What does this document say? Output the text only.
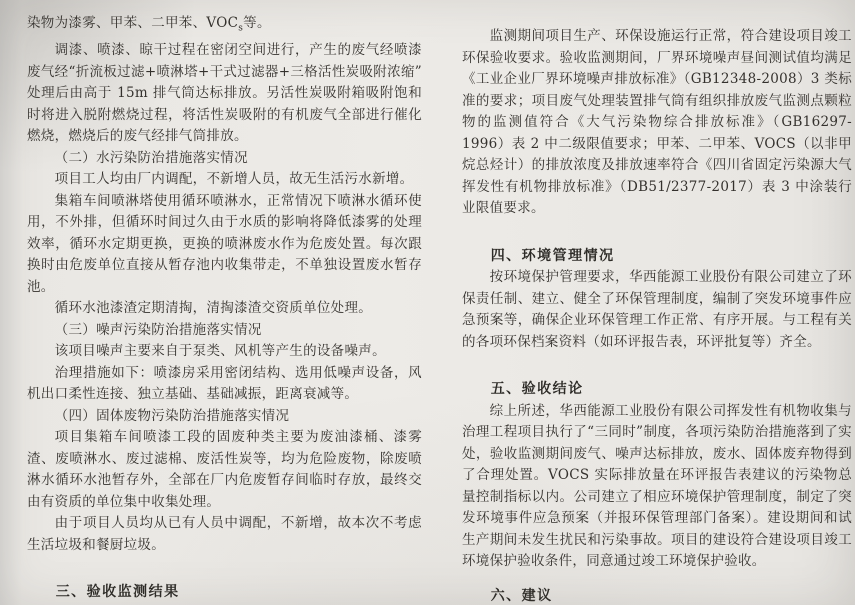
染物为漆雾、甲苯、二甲苯、$VOC_s$等。

调漆、喷漆、晾干过程在密闭空间进行，产生的废气经喷漆废气经“折流板过滤+喷淋塔+干式过滤器+三格活性炭吸附浓缩”处理后由高于 15m 排气筒达标排放。另活性炭吸附箱吸附饱和时将进入脱附燃烧过程，将活性炭吸附的有机废气全部进行催化燃烧，燃烧后的废气经排气筒排放。

（二）水污染防治措施落实情况

项目工人均由厂内调配，不新增人员，故无生活污水新增。

集箱车间喷淋塔使用循环喷淋水，正常情况下喷淋水循环使用，不外排，但循环时间过久由于水质的影响将降低漆雾的处理效率，循环水定期更换，更换的喷淋废水作为危废处置。每次跟换时由危废单位直接从暂存池内收集带走，不单独设置废水暂存池。

循环水池漆渣定期清掏，清掏漆渣交资质单位处理。

（三）噪声污染防治措施落实情况

该项目噪声主要来自于泵类、风机等产生的设备噪声。

治理措施如下：喷漆房采用密闭结构、选用低噪声设备，风机出口柔性连接、独立基础、基础减振，距离衰减等。

（四）固体废物污染防治措施落实情况

项目集箱车间喷漆工段的固废种类主要为废油漆桶、漆雾渣、废喷淋水、废过滤棉、废活性炭等，均为危险废物，除废喷淋水循环水池暂存外，全部在厂内危废暂存间临时存放，最终交由有资质的单位集中收集处理。

由于项目人员均从已有人员中调配，不新增，故本次不考虑生活垃圾和餐厨垃圾。

三、验收监测结果

监测期间项目生产、环保设施运行正常，符合建设项目竣工环保验收要求。验收监测期间，厂界环境噪声昼间测试值均满足《工业企业厂界环境噪声排放标准》（GB12348-2008）3 类标准的要求；项目废气处理装置排气筒有组织排放废气监测点颗粒物的监测值符合《大气污染物综合排放标准》（GB16297-1996）表 2 中二级限值要求；甲苯、二甲苯、VOCS（以非甲烷总烃计）的排放浓度及排放速率符合《四川省固定污染源大气挥发性有机物排放标准》（DB51/2377-2017）表 3 中涂装行业限值要求。

四、环境管理情况

按环境保护管理要求，华西能源工业股份有限公司建立了环保责任制、建立、健全了环保管理制度，编制了突发环境事件应急预案等，确保企业环保管理工作正常、有序开展。与工程有关的各项环保档案资料（如环评报告表，环评批复等）齐全。

五、验收结论

综上所述，华西能源工业股份有限公司挥发性有机物收集与治理工程项目执行了“三同时”制度，各项污染防治措施落到了实处，验收监测期间废气、噪声达标排放，废水、固体废弃物得到了合理处置。VOCS 实际排放量在环评报告表建议的污染物总量控制指标以内。公司建立了相应环境保护管理制度，制定了突发环境事件应急预案（并报环保管理部门备案）。建设期间和试生产期间未发生扰民和污染事故。项目的建设符合建设项目竣工环境保护验收条件，同意通过竣工环境保护验收。

六、建议
